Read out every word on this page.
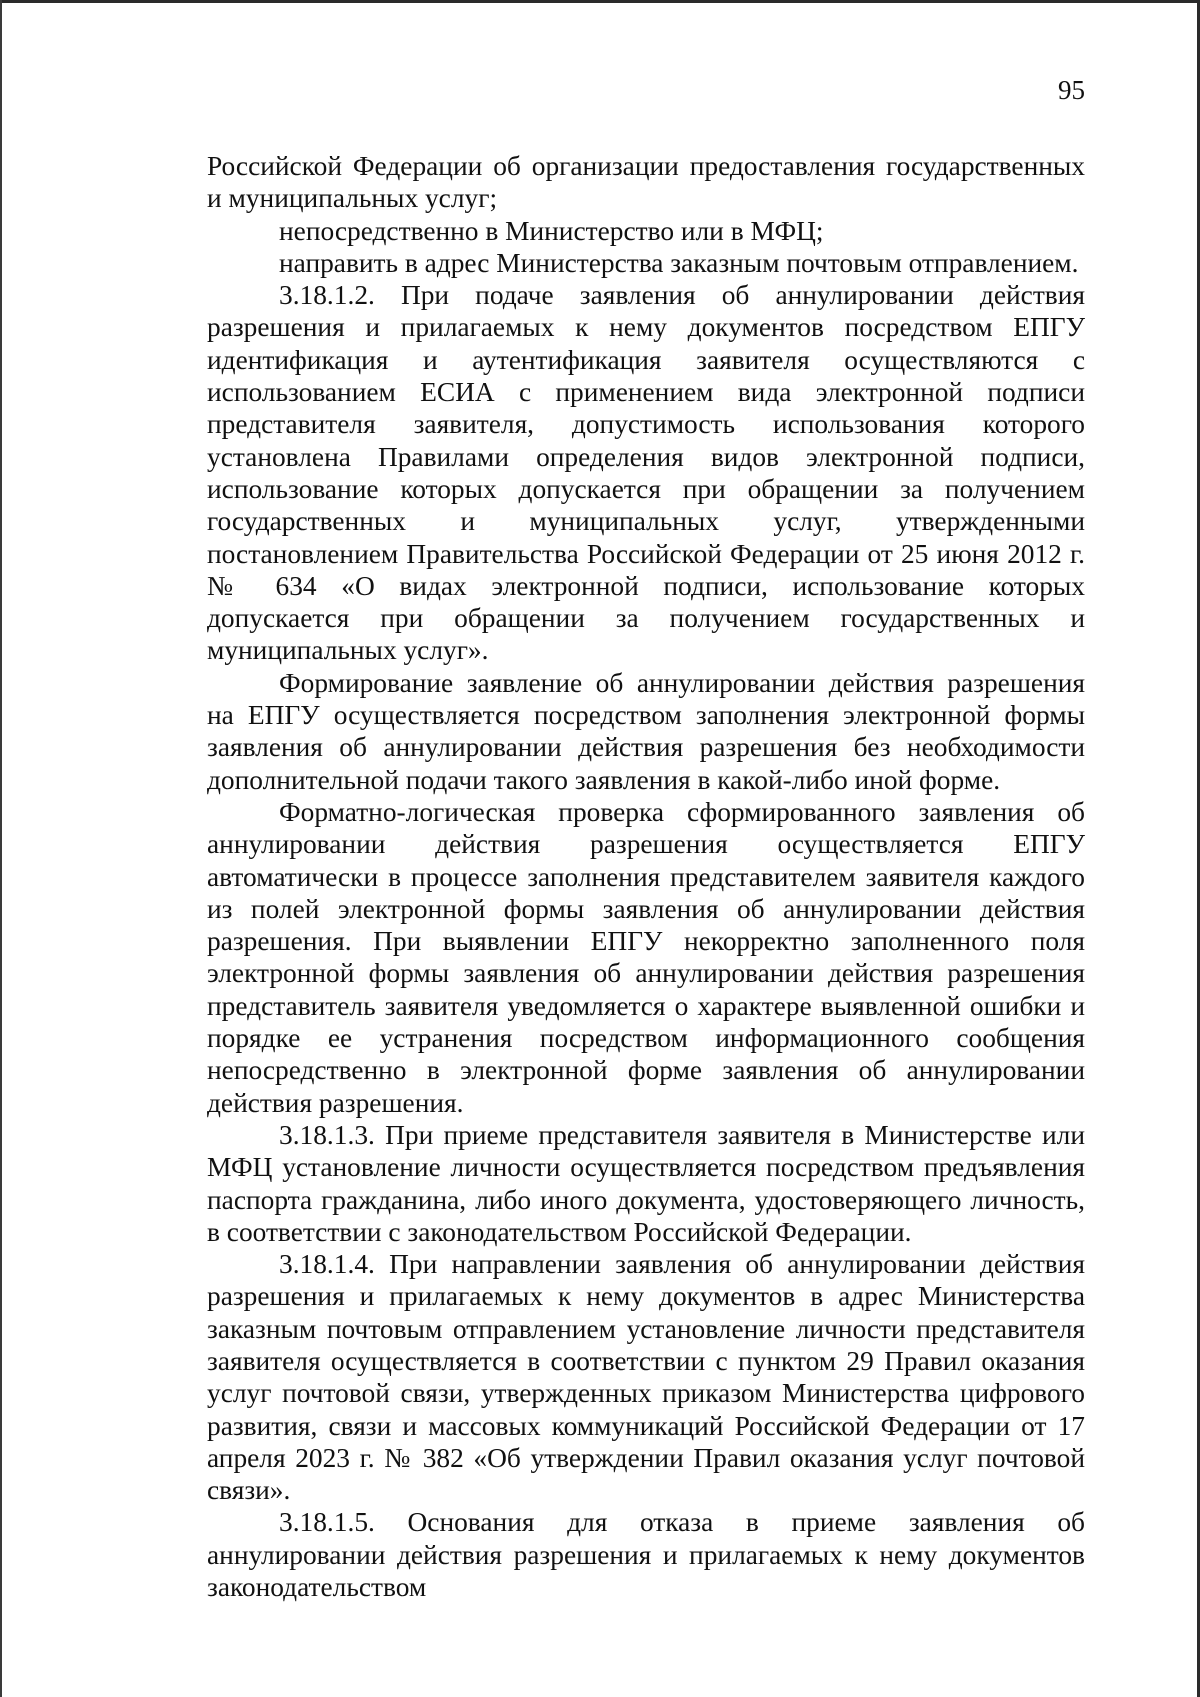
95

Российской Федерации об организации предоставления государственных и муниципальных услуг;

непосредственно в Министерство или в МФЦ;

направить в адрес Министерства заказным почтовым отправлением.

3.18.1.2. При подаче заявления об аннулировании действия разрешения и прилагаемых к нему документов посредством ЕПГУ идентификация и аутентификация заявителя осуществляются с использованием ЕСИА с применением вида электронной подписи представителя заявителя, допустимость использования которого установлена Правилами определения видов электронной подписи, использование которых допускается при обращении за получением государственных и муниципальных услуг, утвержденными постановлением Правительства Российской Федерации от 25 июня 2012 г. № 634 «О видах электронной подписи, использование которых допускается при обращении за получением государственных и муниципальных услуг».

Формирование заявление об аннулировании действия разрешения на ЕПГУ осуществляется посредством заполнения электронной формы заявления об аннулировании действия разрешения без необходимости дополнительной подачи такого заявления в какой-либо иной форме.

Форматно-логическая проверка сформированного заявления об аннулировании действия разрешения осуществляется ЕПГУ автоматически в процессе заполнения представителем заявителя каждого из полей электронной формы заявления об аннулировании действия разрешения. При выявлении ЕПГУ некорректно заполненного поля электронной формы заявления об аннулировании действия разрешения представитель заявителя уведомляется о характере выявленной ошибки и порядке ее устранения посредством информационного сообщения непосредственно в электронной форме заявления об аннулировании действия разрешения.

3.18.1.3. При приеме представителя заявителя в Министерстве или МФЦ установление личности осуществляется посредством предъявления паспорта гражданина, либо иного документа, удостоверяющего личность, в соответствии с законодательством Российской Федерации.

3.18.1.4. При направлении заявления об аннулировании действия разрешения и прилагаемых к нему документов в адрес Министерства заказным почтовым отправлением установление личности представителя заявителя осуществляется в соответствии с пунктом 29 Правил оказания услуг почтовой связи, утвержденных приказом Министерства цифрового развития, связи и массовых коммуникаций Российской Федерации от 17 апреля 2023 г. № 382 «Об утверждении Правил оказания услуг почтовой связи».

3.18.1.5. Основания для отказа в приеме заявления об аннулировании действия разрешения и прилагаемых к нему документов законодательством
